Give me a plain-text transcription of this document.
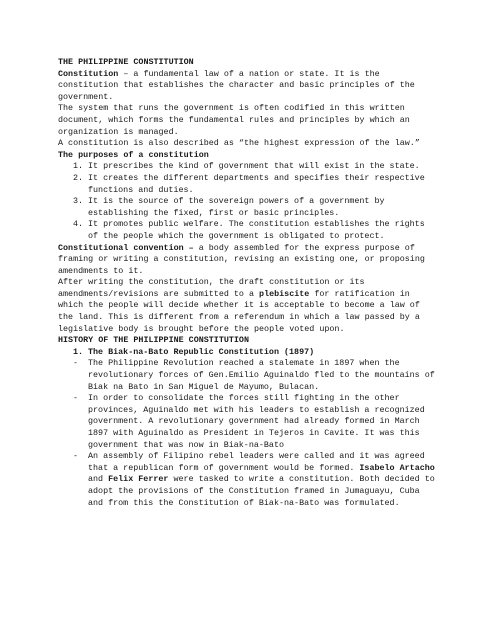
THE PHILIPPINE CONSTITUTION

Constitution – a fundamental law of a nation or state. It is the constitution that establishes the character and basic principles of the government.

The system that runs the government is often codified in this written document, which forms the fundamental rules and principles by which an organization is managed.

A constitution is also described as “the highest expression of the law.”

The purposes of a constitution

1. It prescribes the kind of government that will exist in the state.
2. It creates the different departments and specifies their respective functions and duties.
3. It is the source of the sovereign powers of a government by establishing the fixed, first or basic principles.
4. It promotes public welfare. The constitution establishes the rights of the people which the government is obligated to protect.

Constitutional convention – a body assembled for the express purpose of framing or writing a constitution, revising an existing one, or proposing amendments to it.

After writing the constitution, the draft constitution or its amendments/revisions are submitted to a plebiscite for ratification in which the people will decide whether it is acceptable to become a law of the land. This is different from a referendum in which a law passed by a legislative body is brought before the people voted upon.

HISTORY OF THE PHILIPPINE CONSTITUTION

1. The Biak-na-Bato Republic Constitution (1897)

- The Philippine Revolution reached a stalemate in 1897 when the revolutionary forces of Gen.Emilio Aguinaldo fled to the mountains of Biak na Bato in San Miguel de Mayumo, Bulacan.
- In order to consolidate the forces still fighting in the other provinces, Aguinaldo met with his leaders to establish a recognized government. A revolutionary government had already formed in March 1897 with Aguinaldo as President in Tejeros in Cavite. It was this government that was now in Biak-na-Bato
- An assembly of Filipino rebel leaders were called and it was agreed that a republican form of government would be formed. Isabelo Artacho and Felix Ferrer were tasked to write a constitution. Both decided to adopt the provisions of the Constitution framed in Jumaguayu, Cuba and from this the Constitution of Biak-na-Bato was formulated.
